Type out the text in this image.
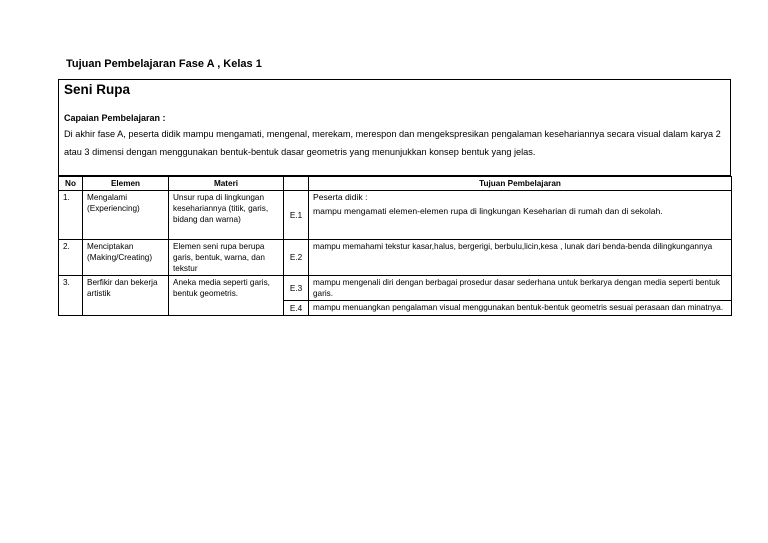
Tujuan Pembelajaran Fase A , Kelas 1
Seni Rupa
Capaian Pembelajaran :
Di akhir fase A, peserta didik mampu mengamati, mengenal, merekam, merespon dan mengekspresikan pengalaman kesehariannya secara visual dalam karya 2 atau 3 dimensi dengan menggunakan bentuk-bentuk dasar geometris yang menunjukkan konsep bentuk yang jelas.
No	Elemen	Materi		Tujuan Pembelajaran
1.	Mengalami (Experiencing)	Unsur rupa di lingkungan kesehariannya (titik, garis, bidang dan warna)	E.1	Peserta didik :
mampu mengamati elemen-elemen rupa di lingkungan Keseharian di rumah dan di sekolah.

2.	Menciptakan (Making/Creating)	Elemen seni rupa berupa garis, bentuk, warna, dan tekstur	E.2	mampu memahami tekstur kasar,halus, bergerigi, berbulu,licin,kesa , lunak dari benda-benda dilingkungannya
3.	Berfikir dan bekerja artistik	Aneka media seperti garis, bentuk geometris.	E.3	mampu mengenali diri dengan berbagai prosedur dasar sederhana untuk berkarya dengan media seperti bentuk garis.
			E.4	mampu menuangkan pengalaman visual menggunakan bentuk-bentuk geometris sesuai perasaan dan minatnya.
